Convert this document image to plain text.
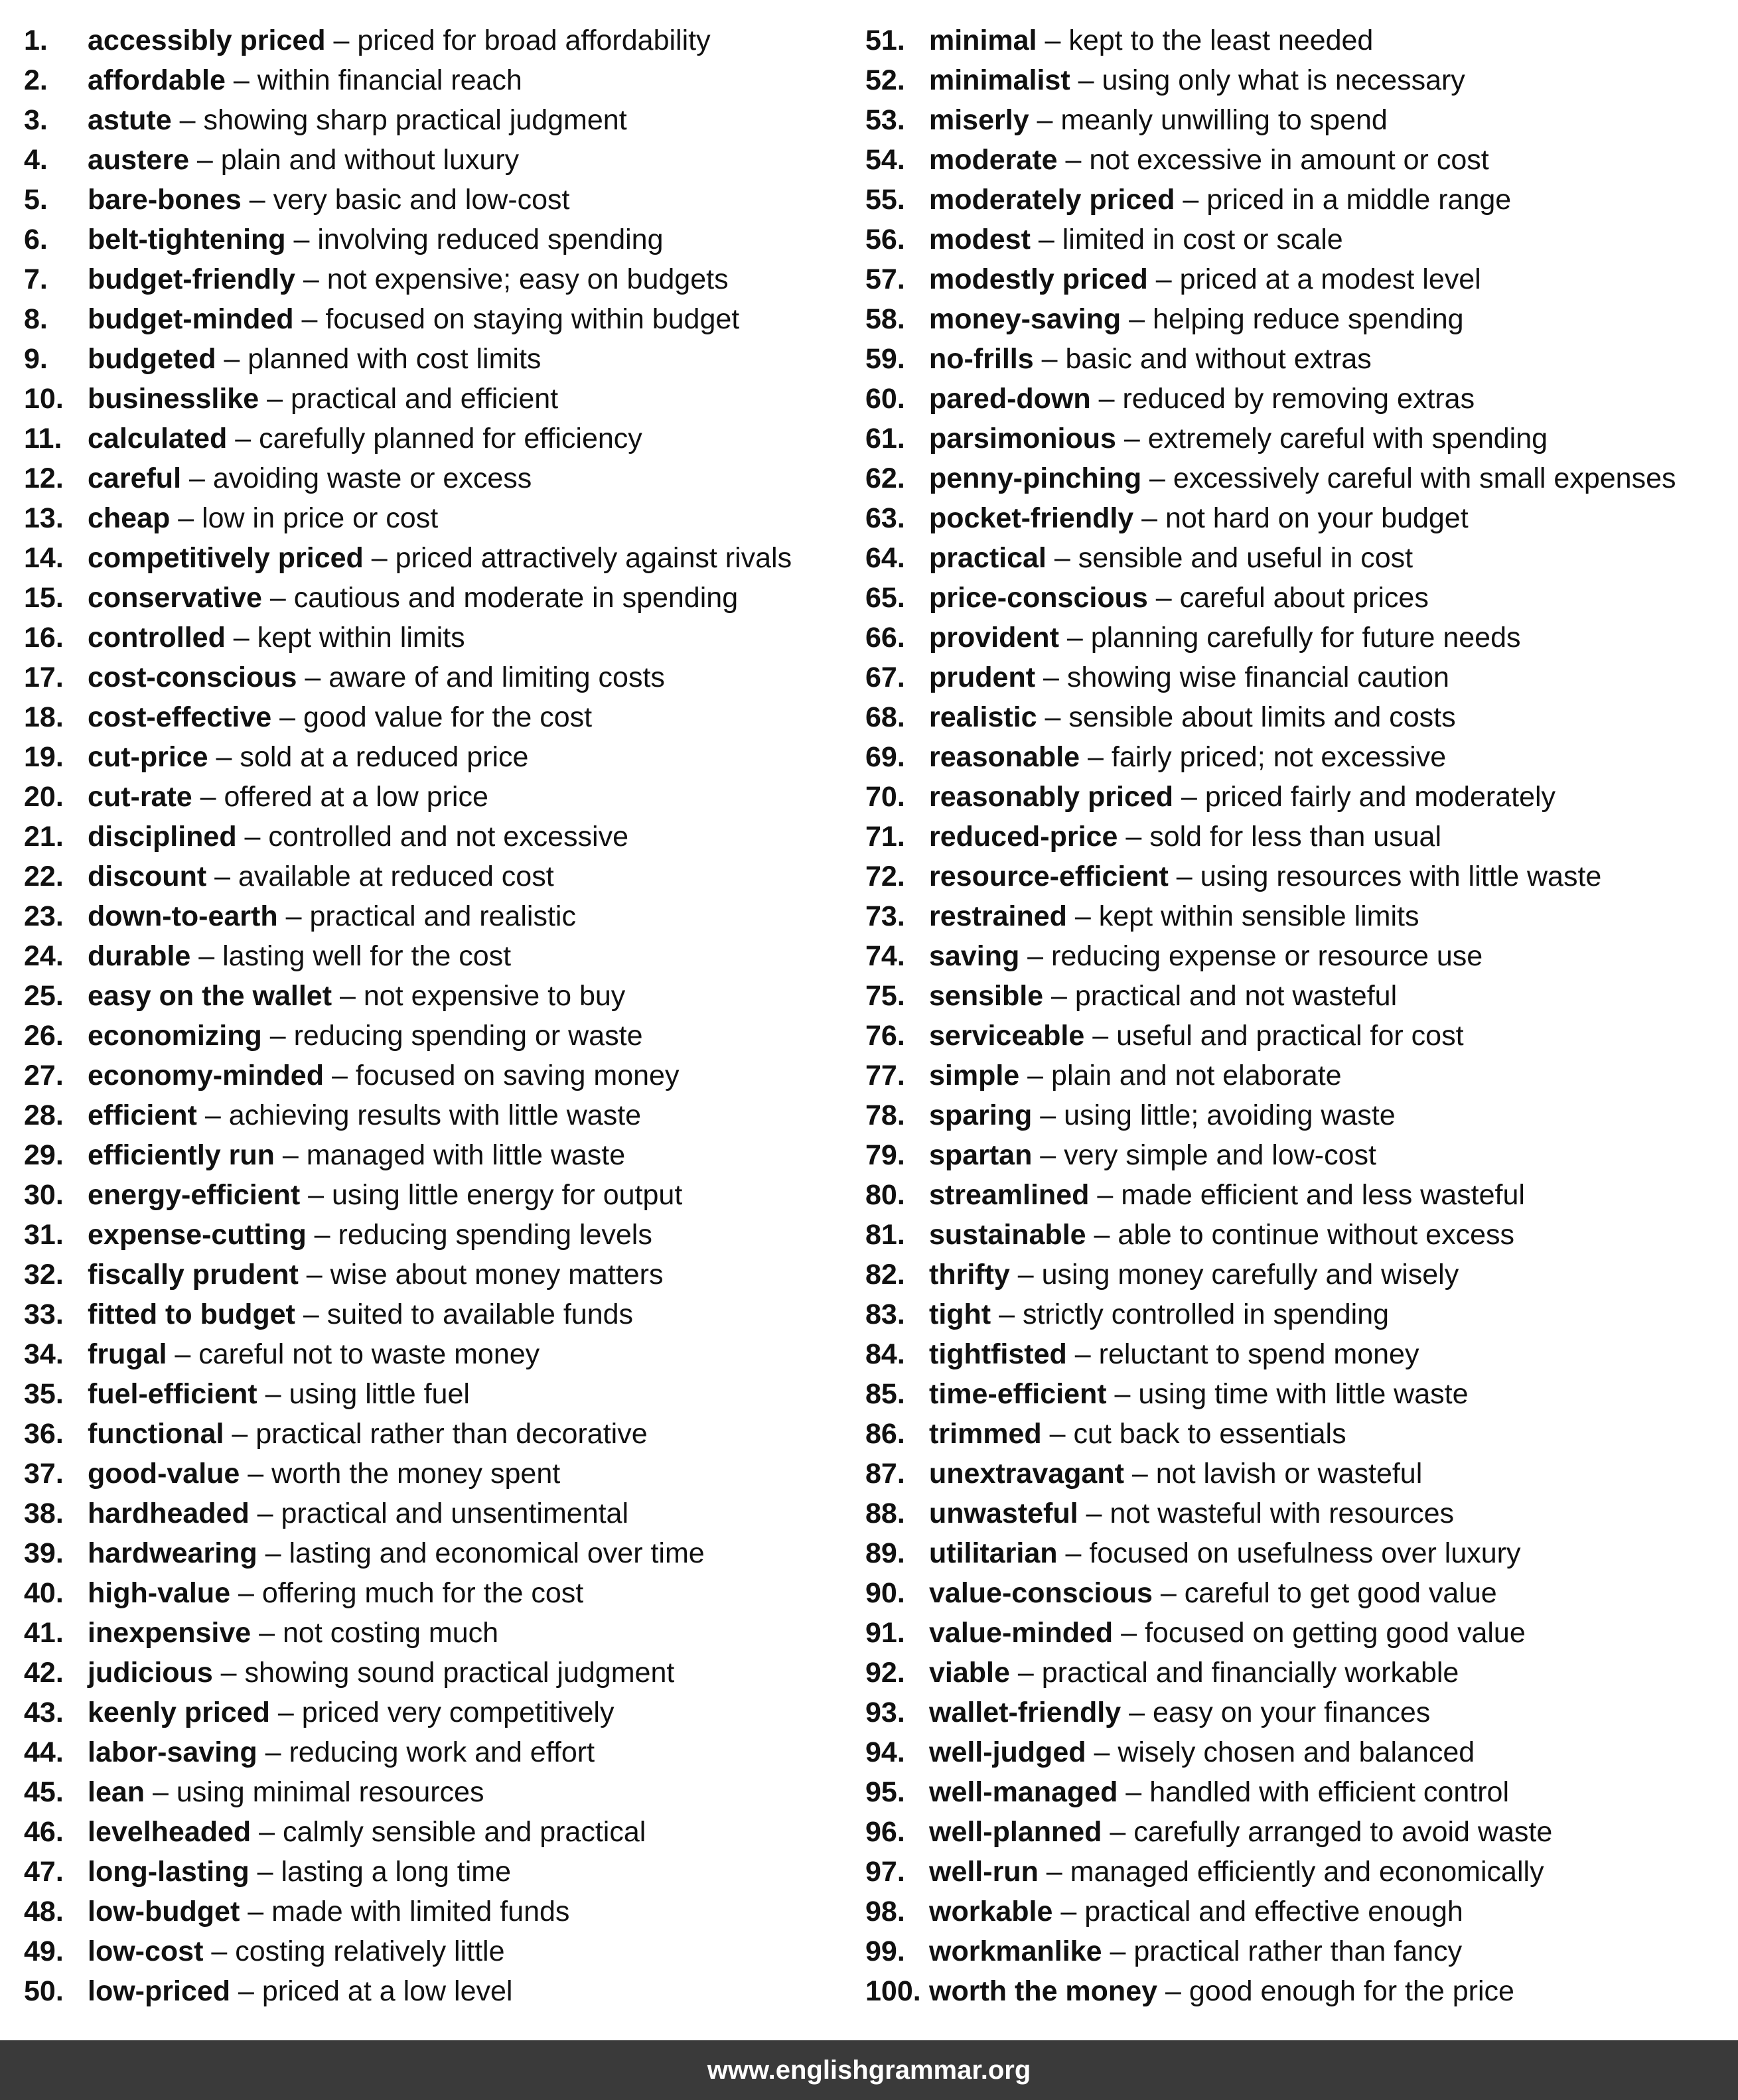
1. accessibly priced – priced for broad affordability
2. affordable – within financial reach
3. astute – showing sharp practical judgment
4. austere – plain and without luxury
5. bare-bones – very basic and low-cost
6. belt-tightening – involving reduced spending
7. budget-friendly – not expensive; easy on budgets
8. budget-minded – focused on staying within budget
9. budgeted – planned with cost limits
10. businesslike – practical and efficient
11. calculated – carefully planned for efficiency
12. careful – avoiding waste or excess
13. cheap – low in price or cost
14. competitively priced – priced attractively against rivals
15. conservative – cautious and moderate in spending
16. controlled – kept within limits
17. cost-conscious – aware of and limiting costs
18. cost-effective – good value for the cost
19. cut-price – sold at a reduced price
20. cut-rate – offered at a low price
21. disciplined – controlled and not excessive
22. discount – available at reduced cost
23. down-to-earth – practical and realistic
24. durable – lasting well for the cost
25. easy on the wallet – not expensive to buy
26. economizing – reducing spending or waste
27. economy-minded – focused on saving money
28. efficient – achieving results with little waste
29. efficiently run – managed with little waste
30. energy-efficient – using little energy for output
31. expense-cutting – reducing spending levels
32. fiscally prudent – wise about money matters
33. fitted to budget – suited to available funds
34. frugal – careful not to waste money
35. fuel-efficient – using little fuel
36. functional – practical rather than decorative
37. good-value – worth the money spent
38. hardheaded – practical and unsentimental
39. hardwearing – lasting and economical over time
40. high-value – offering much for the cost
41. inexpensive – not costing much
42. judicious – showing sound practical judgment
43. keenly priced – priced very competitively
44. labor-saving – reducing work and effort
45. lean – using minimal resources
46. levelheaded – calmly sensible and practical
47. long-lasting – lasting a long time
48. low-budget – made with limited funds
49. low-cost – costing relatively little
50. low-priced – priced at a low level
51. minimal – kept to the least needed
52. minimalist – using only what is necessary
53. miserly – meanly unwilling to spend
54. moderate – not excessive in amount or cost
55. moderately priced – priced in a middle range
56. modest – limited in cost or scale
57. modestly priced – priced at a modest level
58. money-saving – helping reduce spending
59. no-frills – basic and without extras
60. pared-down – reduced by removing extras
61. parsimonious – extremely careful with spending
62. penny-pinching – excessively careful with small expenses
63. pocket-friendly – not hard on your budget
64. practical – sensible and useful in cost
65. price-conscious – careful about prices
66. provident – planning carefully for future needs
67. prudent – showing wise financial caution
68. realistic – sensible about limits and costs
69. reasonable – fairly priced; not excessive
70. reasonably priced – priced fairly and moderately
71. reduced-price – sold for less than usual
72. resource-efficient – using resources with little waste
73. restrained – kept within sensible limits
74. saving – reducing expense or resource use
75. sensible – practical and not wasteful
76. serviceable – useful and practical for cost
77. simple – plain and not elaborate
78. sparing – using little; avoiding waste
79. spartan – very simple and low-cost
80. streamlined – made efficient and less wasteful
81. sustainable – able to continue without excess
82. thrifty – using money carefully and wisely
83. tight – strictly controlled in spending
84. tightfisted – reluctant to spend money
85. time-efficient – using time with little waste
86. trimmed – cut back to essentials
87. unextravagant – not lavish or wasteful
88. unwasteful – not wasteful with resources
89. utilitarian – focused on usefulness over luxury
90. value-conscious – careful to get good value
91. value-minded – focused on getting good value
92. viable – practical and financially workable
93. wallet-friendly – easy on your finances
94. well-judged – wisely chosen and balanced
95. well-managed – handled with efficient control
96. well-planned – carefully arranged to avoid waste
97. well-run – managed efficiently and economically
98. workable – practical and effective enough
99. workmanlike – practical rather than fancy
100. worth the money – good enough for the price
www.englishgrammar.org
